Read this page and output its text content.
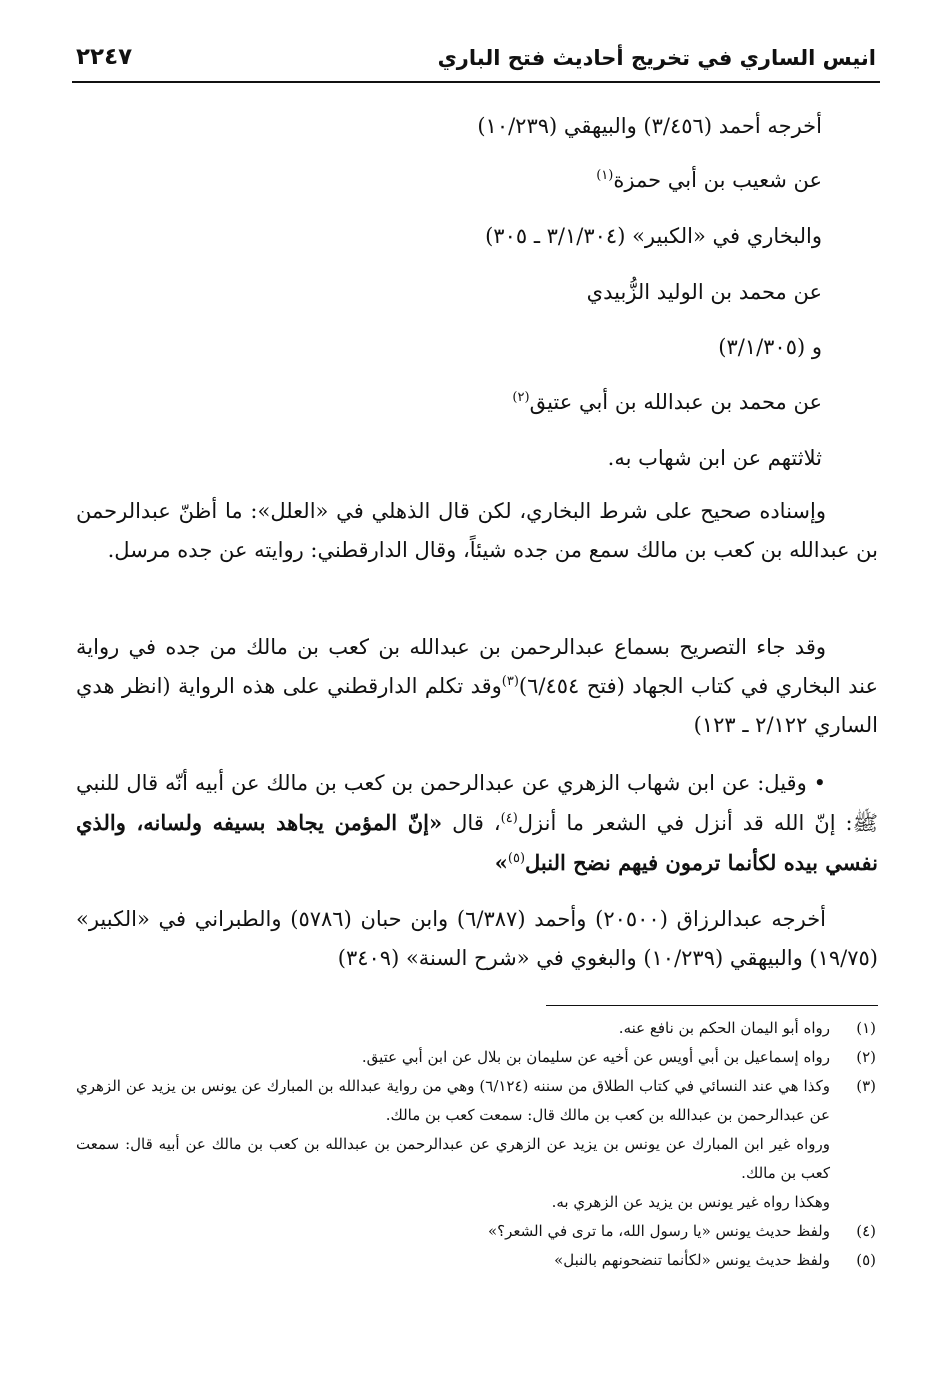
انيس الساري في تخريج أحاديث فتح الباري
٢٢٤٧
أخرجه أحمد (٣/٤٥٦) والبيهقي (١٠/٢٣٩)
عن شعيب بن أبي حمزة$^{(١)}$
والبخاري في «الكبير» (٣/١/٣٠٤ ـ ٣٠٥)
عن محمد بن الوليد الزُّبيدي
و (٣/١/٣٠٥)
عن محمد بن عبدالله بن أبي عتيق$^{(٢)}$
ثلاثتهم عن ابن شهاب به.

وإسناده صحيح على شرط البخاري، لكن قال الذهلي في «العلل»: ما أظنّ عبدالرحمن بن عبدالله بن كعب بن مالك سمع من جده شيئاً، وقال الدارقطني: روايته عن جده مرسل.

وقد جاء التصريح بسماع عبدالرحمن بن عبدالله بن كعب بن مالك من جده في رواية عند البخاري في كتاب الجهاد (فتح ٦/٤٥٤)$^{(٣)}$وقد تكلم الدارقطني على هذه الرواية (انظر هدي الساري ٢/١٢٢ ـ ١٢٣)

• وقيل: عن ابن شهاب الزهري عن عبدالرحمن بن كعب بن مالك عن أبيه أنّه قال للنبي ﷺ: إنّ الله قد أنزل في الشعر ما أنزل$^{(٤)}$، قال «إنّ المؤمن يجاهد بسيفه ولسانه، والذي نفسي بيده لكأنما ترمون فيهم نضح النبل$^{(٥)}$»

أخرجه عبدالرزاق (٢٠٥٠٠) وأحمد (٦/٣٨٧) وابن حبان (٥٧٨٦) والطبراني في «الكبير» (١٩/٧٥) والبيهقي (١٠/٢٣٩) والبغوي في «شرح السنة» (٣٤٠٩)

(١)
رواه أبو اليمان الحكم بن نافع عنه.
(٢)
رواه إسماعيل بن أبي أويس عن أخيه عن سليمان بن بلال عن ابن أبي عتيق.
(٣)
وكذا هي عند النسائي في كتاب الطلاق من سننه (٦/١٢٤) وهي من رواية عبدالله بن المبارك عن يونس بن يزيد عن الزهري عن عبدالرحمن بن عبدالله بن كعب بن مالك قال: سمعت كعب بن مالك.
ورواه غير ابن المبارك عن يونس بن يزيد عن الزهري عن عبدالرحمن بن عبدالله بن كعب بن مالك عن أبيه قال: سمعت كعب بن مالك.
وهكذا رواه غير يونس بن يزيد عن الزهري به.
(٤)
ولفظ حديث يونس «يا رسول الله، ما ترى في الشعر؟»
(٥)
ولفظ حديث يونس «لكأنما تنضحونهم بالنبل»
